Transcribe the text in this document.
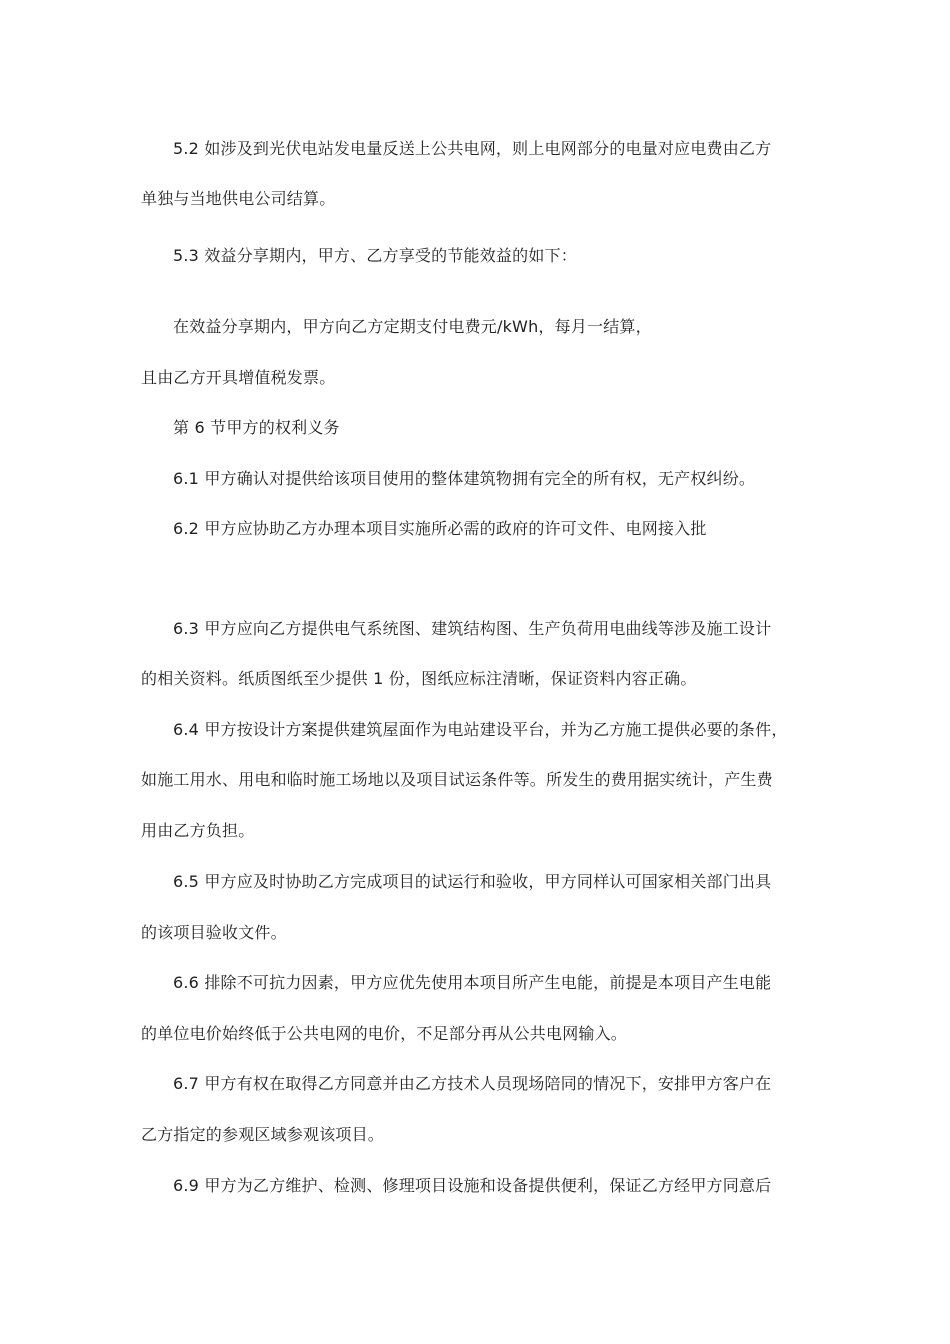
5.2 如涉及到光伏电站发电量反送上公共电网，则上电网部分的电量对应电费由乙方
单独与当地供电公司结算。
5.3 效益分享期内，甲方、乙方享受的节能效益的如下：
在效益分享期内，甲方向乙方定期支付电费元/kWh，每月一结算，
且由乙方开具增值税发票。
第 6 节甲方的权利义务
6.1 甲方确认对提供给该项目使用的整体建筑物拥有完全的所有权，无产权纠纷。
6.2 甲方应协助乙方办理本项目实施所必需的政府的许可文件、电网接入批
6.3 甲方应向乙方提供电气系统图、建筑结构图、生产负荷用电曲线等涉及施工设计
的相关资料。纸质图纸至少提供 1 份，图纸应标注清晰，保证资料内容正确。
6.4 甲方按设计方案提供建筑屋面作为电站建设平台，并为乙方施工提供必要的条件，
如施工用水、用电和临时施工场地以及项目试运条件等。所发生的费用据实统计，产生费
用由乙方负担。
6.5 甲方应及时协助乙方完成项目的试运行和验收，甲方同样认可国家相关部门出具
的该项目验收文件。
6.6 排除不可抗力因素，甲方应优先使用本项目所产生电能，前提是本项目产生电能
的单位电价始终低于公共电网的电价，不足部分再从公共电网输入。
6.7 甲方有权在取得乙方同意并由乙方技术人员现场陪同的情况下，安排甲方客户在
乙方指定的参观区域参观该项目。
6.9 甲方为乙方维护、检测、修理项目设施和设备提供便利，保证乙方经甲方同意后
